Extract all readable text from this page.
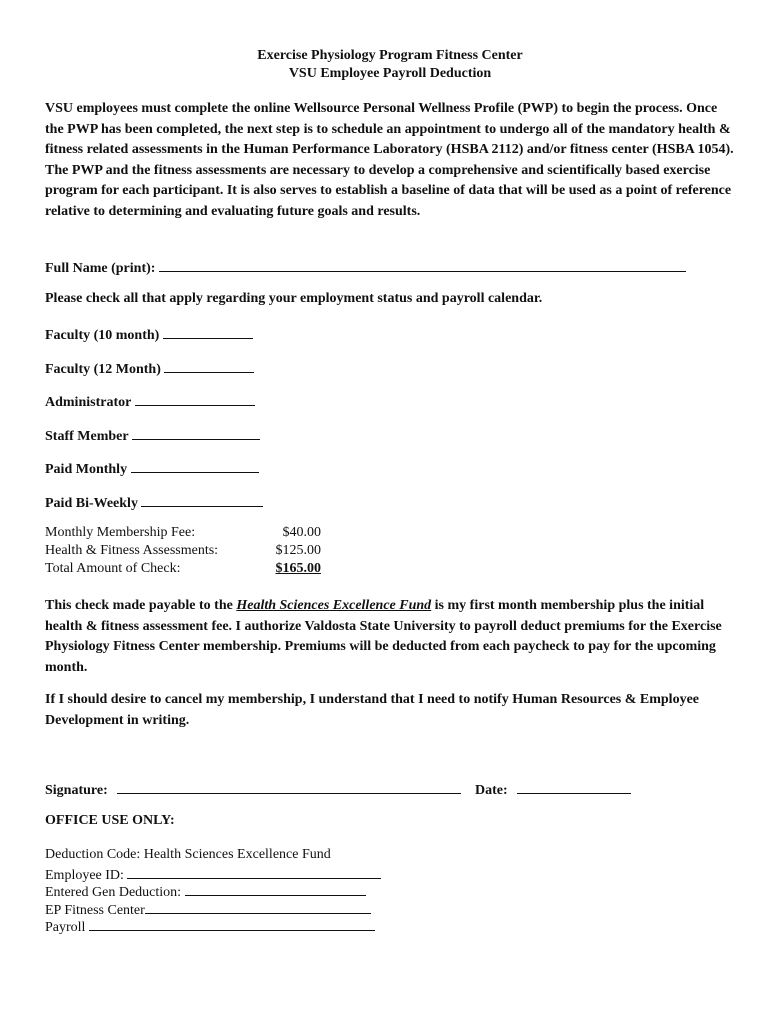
Exercise Physiology Program Fitness Center
VSU Employee Payroll Deduction
VSU employees must complete the online Wellsource Personal Wellness Profile (PWP) to begin the process. Once the PWP has been completed, the next step is to schedule an appointment to undergo all of the mandatory health & fitness related assessments in the Human Performance Laboratory (HSBA 2112) and/or fitness center (HSBA 1054). The PWP and the fitness assessments are necessary to develop a comprehensive and scientifically based exercise program for each participant. It is also serves to establish a baseline of data that will be used as a point of reference relative to determining and evaluating future goals and results.
Full Name (print):
Please check all that apply regarding your employment status and payroll calendar.
Faculty (10 month)
Faculty (12 Month)
Administrator
Staff Member
Paid Monthly
Paid Bi-Weekly
Monthly Membership Fee:	$40.00
Health & Fitness Assessments:	$125.00
Total Amount of Check:	$165.00
This check made payable to the Health Sciences Excellence Fund is my first month membership plus the initial health & fitness assessment fee. I authorize Valdosta State University to payroll deduct premiums for the Exercise Physiology Fitness Center membership. Premiums will be deducted from each paycheck to pay for the upcoming month.
If I should desire to cancel my membership, I understand that I need to notify Human Resources & Employee Development in writing.
Signature:	Date:
OFFICE USE ONLY:
Deduction Code: Health Sciences Excellence Fund
Employee ID:
Entered Gen Deduction:
EP Fitness Center
Payroll
